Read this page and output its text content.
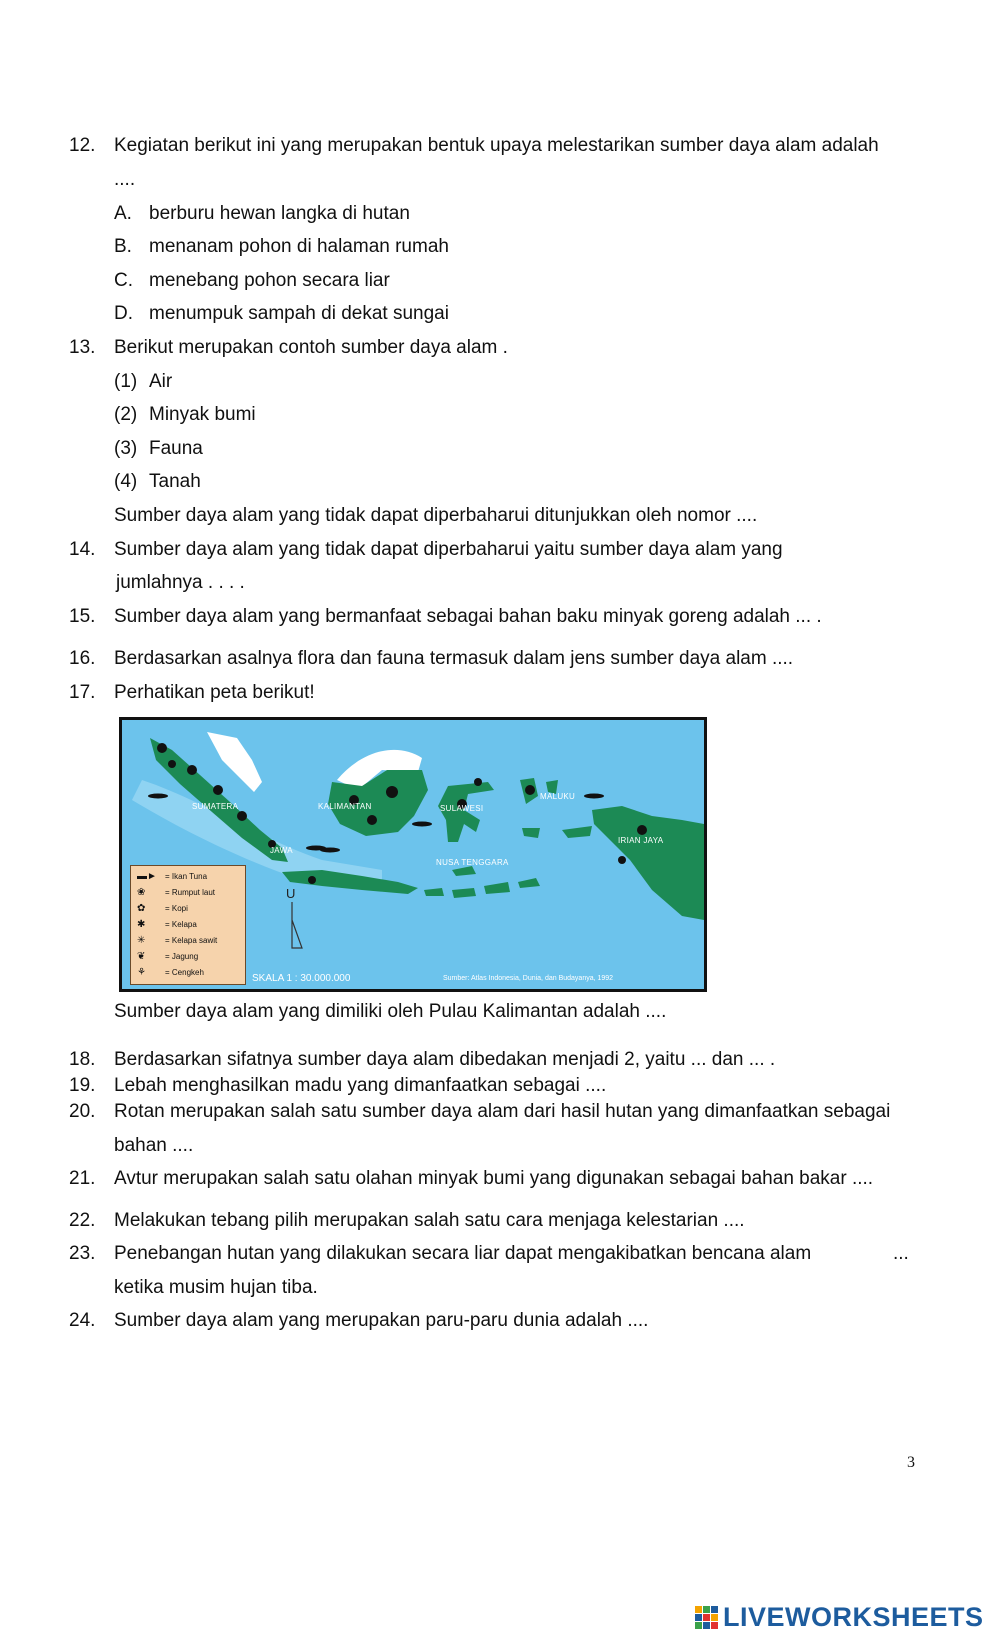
12. Kegiatan berikut ini yang merupakan bentuk upaya melestarikan sumber daya alam adalah
....
A. berburu hewan langka di hutan
B. menanam pohon di halaman rumah
C. menebang pohon secara liar
D. menumpuk sampah di dekat sungai
13. Berikut merupakan contoh sumber daya alam .
(1) Air
(2) Minyak bumi
(3) Fauna
(4) Tanah
Sumber daya alam yang tidak dapat diperbaharui ditunjukkan oleh nomor ....
14. Sumber daya alam yang tidak dapat diperbaharui yaitu sumber daya alam yang
jumlahnya . . . .
15. Sumber daya alam yang bermanfaat sebagai bahan baku minyak goreng adalah ... .
16. Berdasarkan asalnya flora dan fauna termasuk dalam jens sumber daya alam ....
17. Perhatikan peta berikut!
SUMATERA	KALIMANTAN	SULAWESI
MALUKU
IRIAN JAYA
JAWA
NUSA TENGGARA
U
SKALA 1 : 30.000.000	Sumber: Atlas Indonesia, Dunia, dan Budayanya, 1992
▬► = Ikan Tuna
❀ = Rumput laut
✿ = Kopi
✱ = Kelapa
✳ = Kelapa sawit
❦ = Jagung
⚘ = Cengkeh
Sumber daya alam yang dimiliki oleh Pulau Kalimantan adalah ....
18. Berdasarkan sifatnya sumber daya alam dibedakan menjadi 2, yaitu ... dan ... .
19. Lebah menghasilkan madu yang dimanfaatkan sebagai ....
20. Rotan merupakan salah satu sumber daya alam dari hasil hutan yang dimanfaatkan sebagai
bahan ....
21. Avtur merupakan salah satu olahan minyak bumi yang digunakan sebagai bahan bakar ....
22. Melakukan tebang pilih merupakan salah satu cara menjaga kelestarian ....
23. Penebangan hutan yang dilakukan secara liar dapat mengakibatkan bencana alam	...
ketika musim hujan tiba.
24. Sumber daya alam yang merupakan paru-paru dunia adalah ....
3
LIVEWORKSHEETS
